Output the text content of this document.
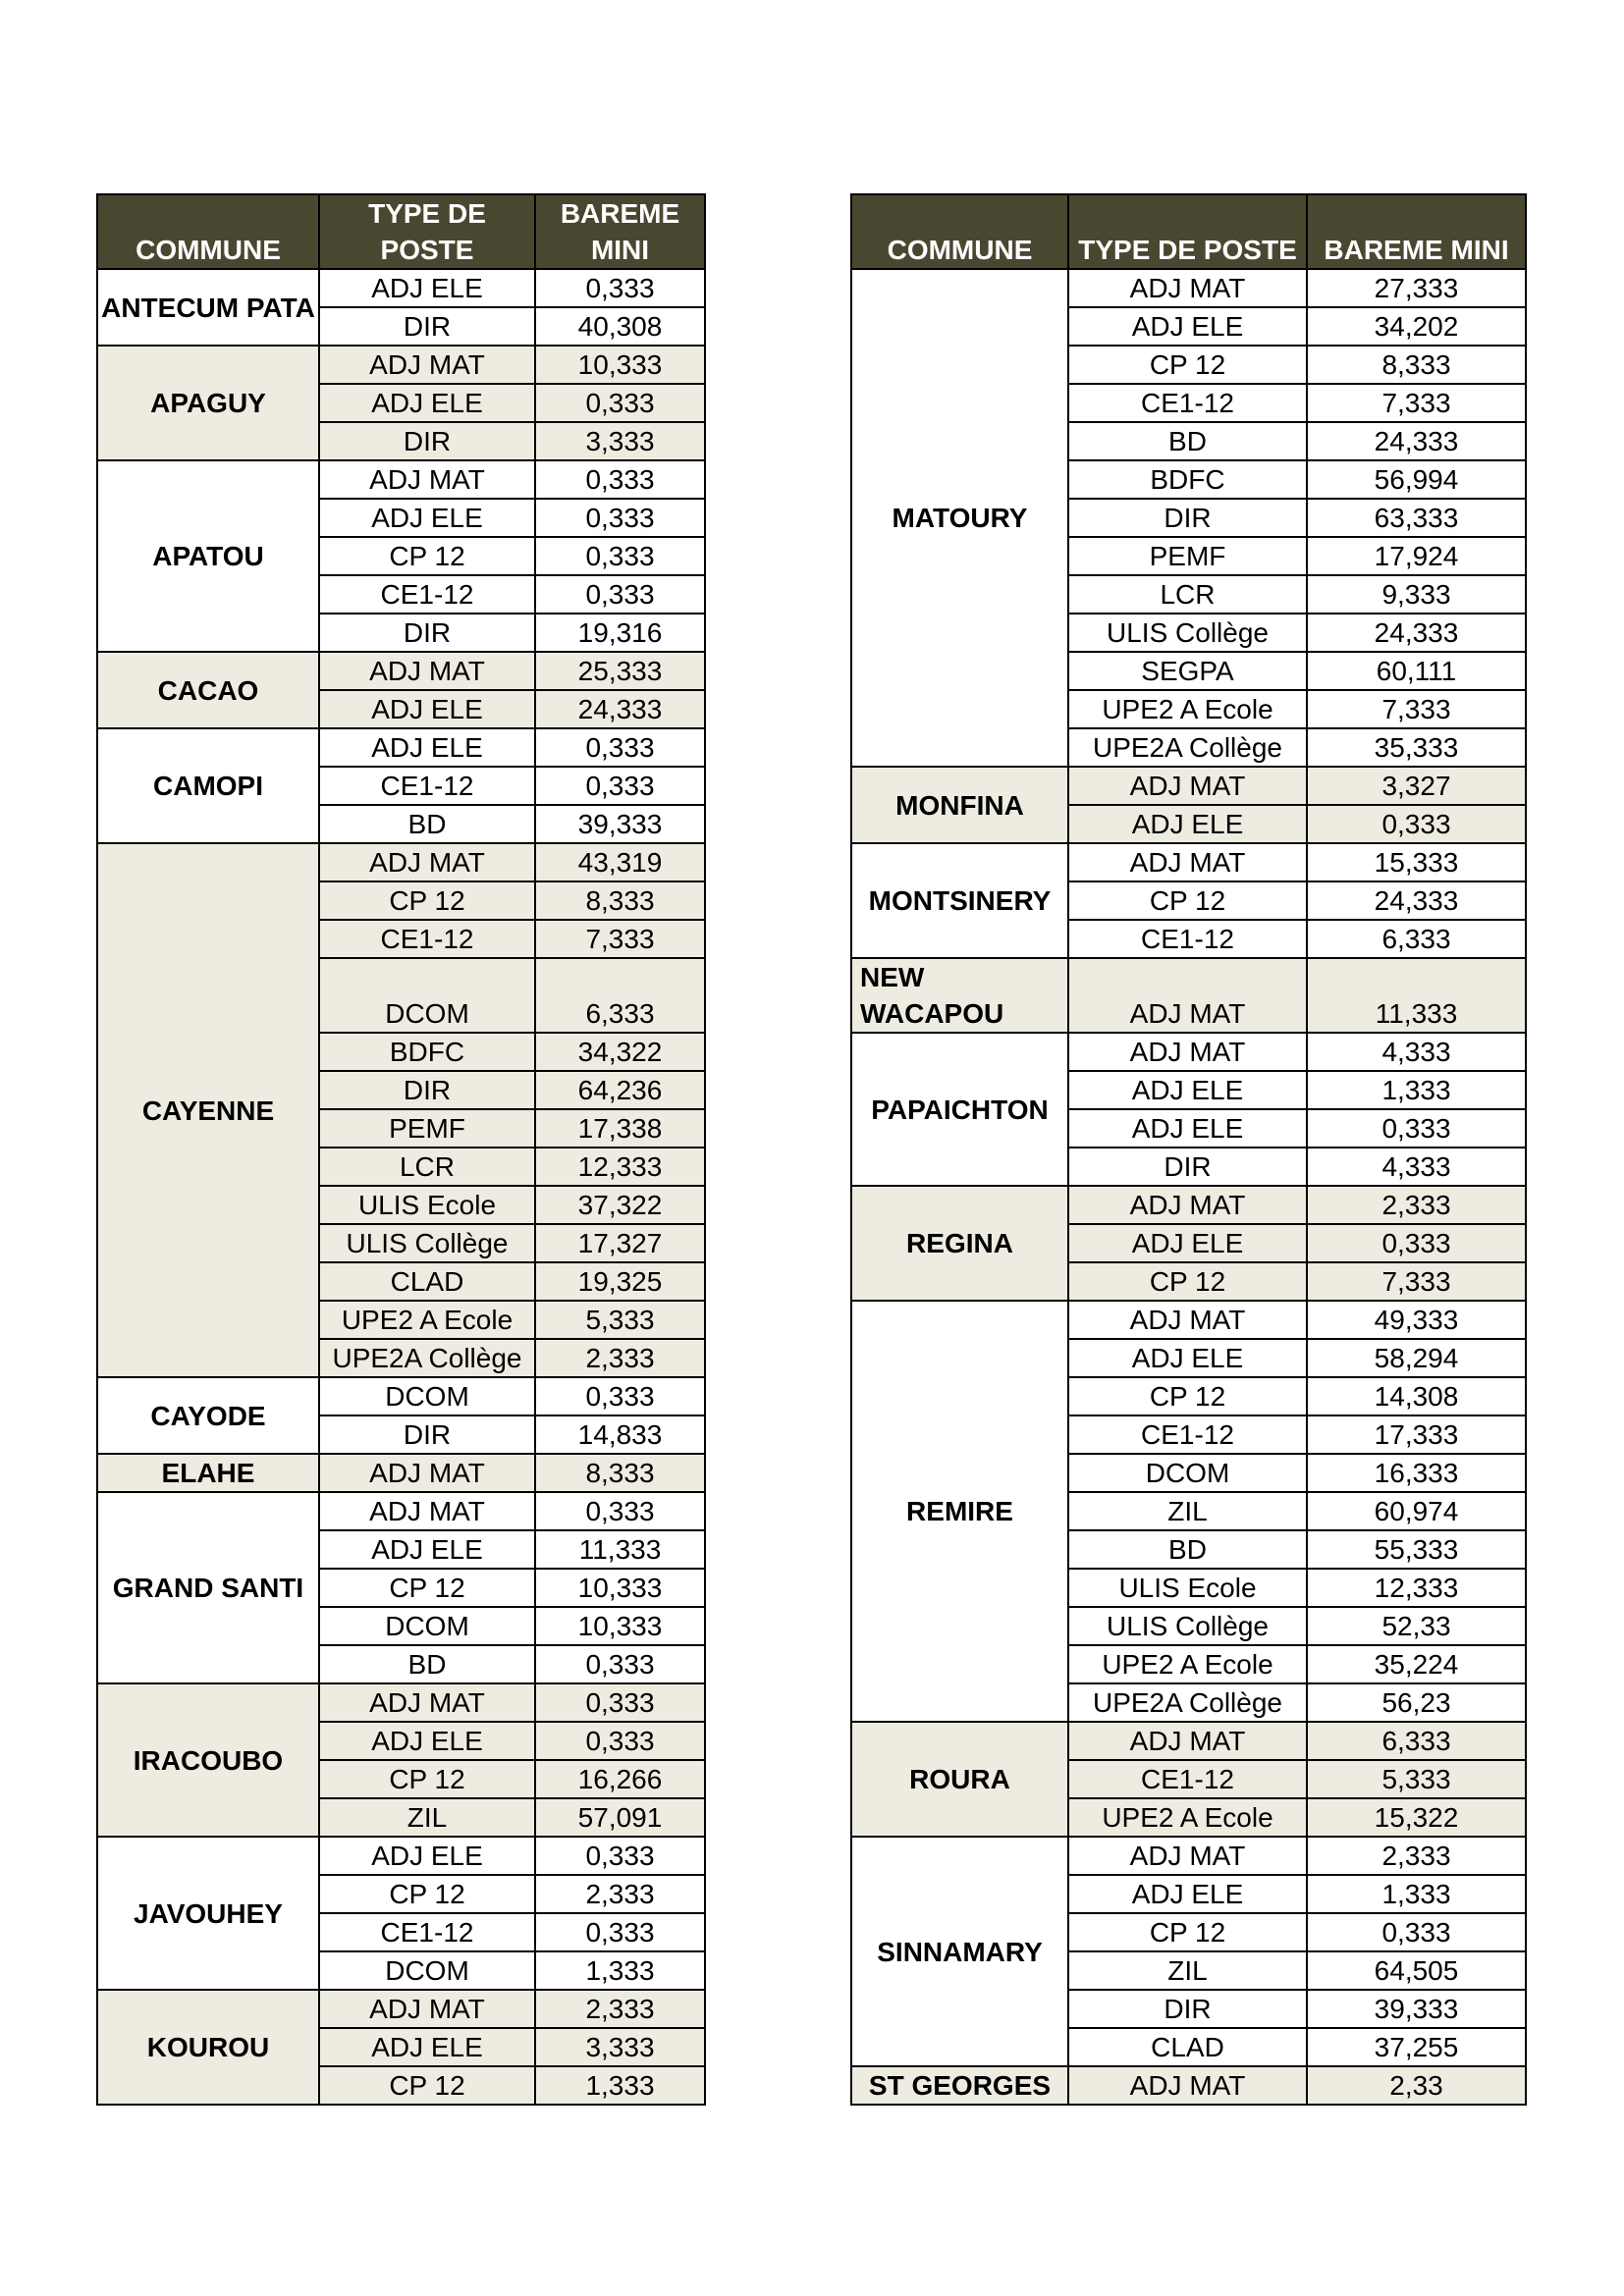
COMMUNE	TYPE DE POSTE	BAREME MINI
ANTECUM PATA	ADJ ELE	0,333
	DIR	40,308
APAGUY	ADJ MAT	10,333
	ADJ ELE	0,333
	DIR	3,333
APATOU	ADJ MAT	0,333
	ADJ ELE	0,333
	CP 12	0,333
	CE1-12	0,333
	DIR	19,316
CACAO	ADJ MAT	25,333
	ADJ ELE	24,333
CAMOPI	ADJ ELE	0,333
	CE1-12	0,333
	BD	39,333
CAYENNE	ADJ MAT	43,319
	CP 12	8,333
	CE1-12	7,333
	DCOM	6,333
	BDFC	34,322
	DIR	64,236
	PEMF	17,338
	LCR	12,333
	ULIS Ecole	37,322
	ULIS Collège	17,327
	CLAD	19,325
	UPE2 A Ecole	5,333
	UPE2A Collège	2,333
CAYODE	DCOM	0,333
	DIR	14,833
ELAHE	ADJ MAT	8,333
GRAND SANTI	ADJ MAT	0,333
	ADJ ELE	11,333
	CP 12	10,333
	DCOM	10,333
	BD	0,333
IRACOUBO	ADJ MAT	0,333
	ADJ ELE	0,333
	CP 12	16,266
	ZIL	57,091
JAVOUHEY	ADJ ELE	0,333
	CP 12	2,333
	CE1-12	0,333
	DCOM	1,333
KOUROU	ADJ MAT	2,333
	ADJ ELE	3,333
	CP 12	1,333
COMMUNE	TYPE DE POSTE	BAREME MINI
MATOURY	ADJ MAT	27,333
	ADJ ELE	34,202
	CP 12	8,333
	CE1-12	7,333
	BD	24,333
	BDFC	56,994
	DIR	63,333
	PEMF	17,924
	LCR	9,333
	ULIS Collège	24,333
	SEGPA	60,111
	UPE2 A Ecole	7,333
	UPE2A Collège	35,333
MONFINA	ADJ MAT	3,327
	ADJ ELE	0,333
MONTSINERY	ADJ MAT	15,333
	CP 12	24,333
	CE1-12	6,333
NEW WACAPOU	ADJ MAT	11,333
PAPAICHTON	ADJ MAT	4,333
	ADJ ELE	1,333
	ADJ ELE	0,333
	DIR	4,333
REGINA	ADJ MAT	2,333
	ADJ ELE	0,333
	CP 12	7,333
REMIRE	ADJ MAT	49,333
	ADJ ELE	58,294
	CP 12	14,308
	CE1-12	17,333
	DCOM	16,333
	ZIL	60,974
	BD	55,333
	ULIS Ecole	12,333
	ULIS Collège	52,33
	UPE2 A Ecole	35,224
	UPE2A Collège	56,23
ROURA	ADJ MAT	6,333
	CE1-12	5,333
	UPE2 A Ecole	15,322
SINNAMARY	ADJ MAT	2,333
	ADJ ELE	1,333
	CP 12	0,333
	ZIL	64,505
	DIR	39,333
	CLAD	37,255
ST GEORGES	ADJ MAT	2,33
